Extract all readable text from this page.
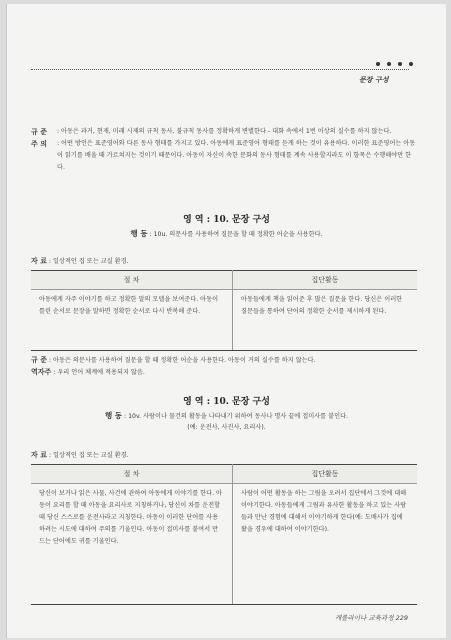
문장 구성
규 준	: 아동은 과거, 현재, 미래 시제의 규칙 동사, 불규칙 동사를 정확하게 변별한다 - 대화 속에서 1번 이상의 실수를 하지 않는다.
주 의	: 어떤 방언은 표준영어와 다른 동사 형태를 가지고 있다. 아동에게 표준영어 형태를 듣게 하는 것이 유용하다. 이러한 표준영어는 아동이 읽기를 배울 때 가르쳐지는 것이기 때문이다. 아동이 자신이 속한 문화의 동사 형태를 계속 사용할지라도 이 항목은 수행해야만 한다.
영 역 : 10. 문장 구성
행 동 : 10u. 의문사를 사용하여 질문을 할 때 정확한 어순을 사용한다.
자 료 : 일상적인 집 또는 교실 환경.
절 차	집단활동
아동에게 자주 이야기를 하고 정확한 말의 모델을 보여준다. 아동이 틀린 순서로 문장을 말하면 정확한 순서로 다시 반복해 준다.	아동들에게 책을 읽어준 후 많은 질문을 한다. 당신은 이러한 질문들을 통하여 단어의 정확한 순서를 제시하게 된다.
규 준 : 아동은 의문사를 사용하여 질문을 할 때 정확한 어순을 사용한다. 아동이 거의 실수를 하지 않는다.
역자주 : 우리 언어 체계에 적용되지 않음.
영 역 : 10. 문장 구성
행 동 : 10v. 사람이나 물건의 활동을 나타내기 위하여 동사나 명사 끝에 접미사를 붙인다.
(예: 운전사, 사진사, 요리사).
자 료 : 일상적인 집 또는 교실 환경.
절 차	집단활동
당신이 보거나 읽은 사물, 사건에 관하여 아동에게 이야기를 한다. 아동이 요리를 할 때 아동을 요리사로 지칭하거나, 당신이 차를 운전할 때 당신 스스로를 운전사라고 지칭한다. 아동이 이러한 단어를 사용하려는 시도에 대하여 주의를 기울인다. 아동이 접미사를 붙여서 만드는 단어에도 귀를 기울인다.	사람이 어떤 활동을 하는 그림을 오려서 집단에서 그것에 대해 이야기한다. 아동들에게 그림과 유사한 활동을 하고 있는 사람들과 만난 경험에 대해서 이야기하게 한다(예: 도배사가 집에 왔을 경우에 대하여 이야기한다).
캐롤라이나 교육과정 229
